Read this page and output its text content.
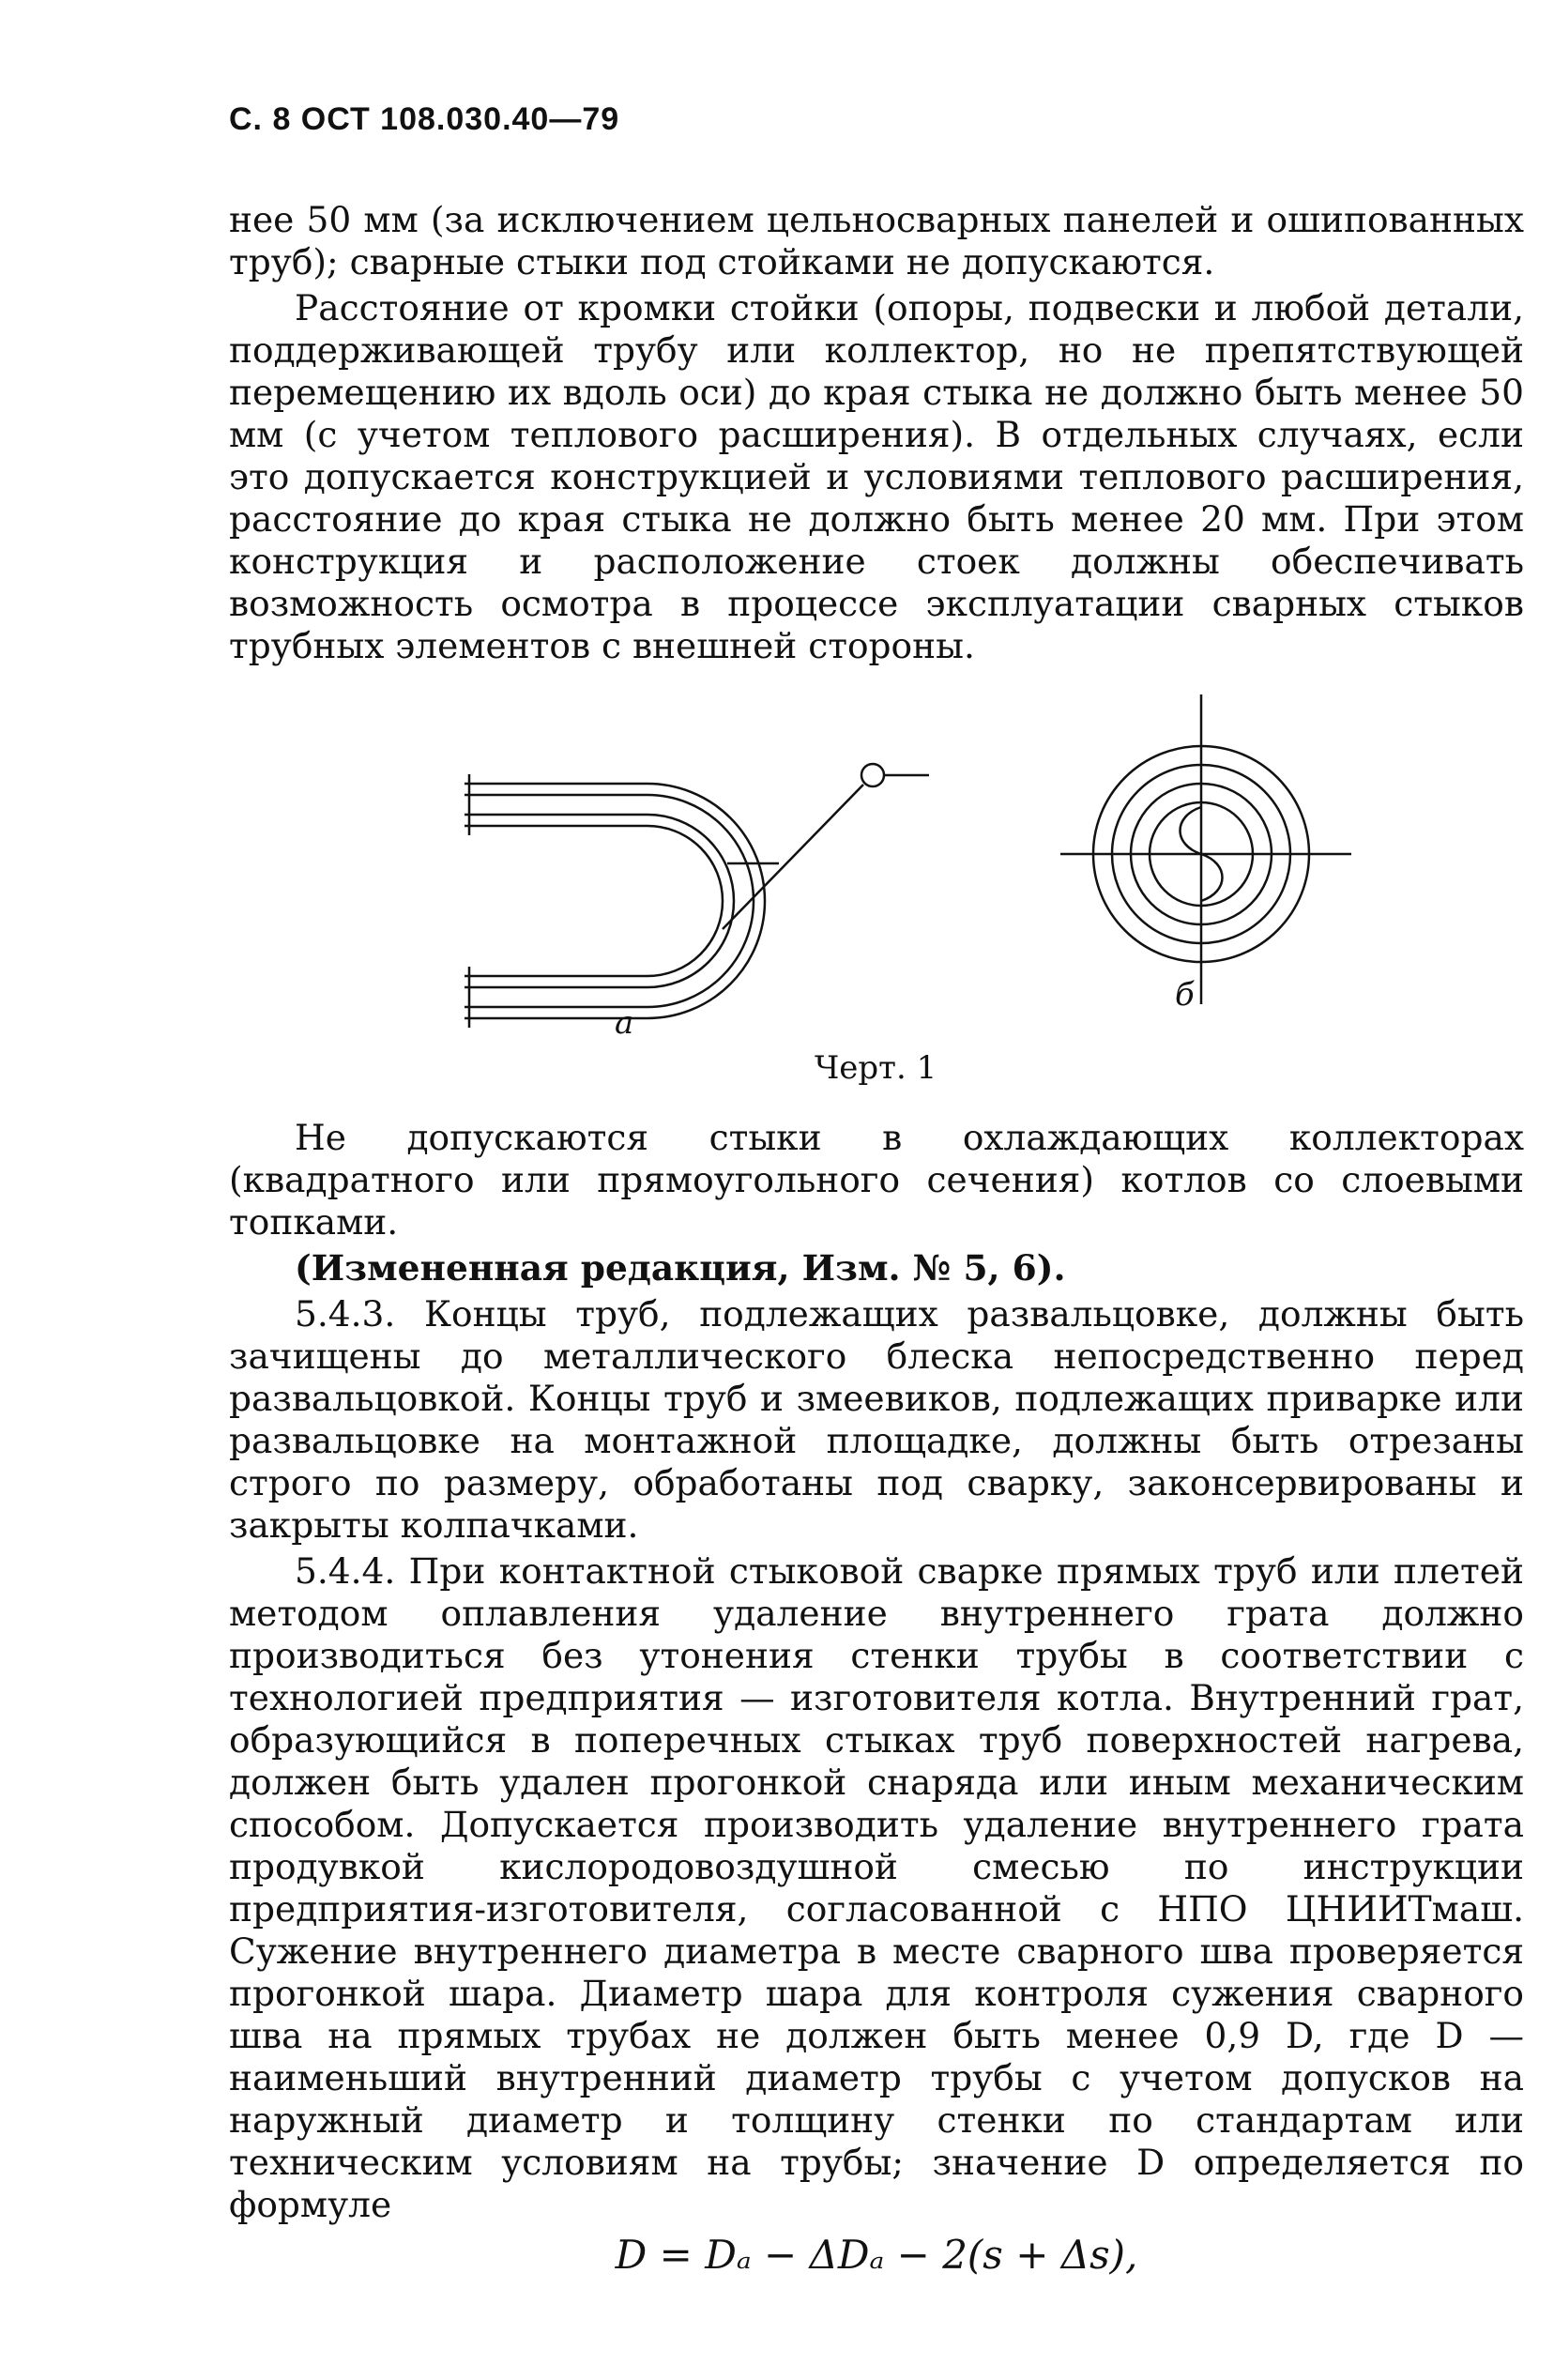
С. 8 ОСТ 108.030.40—79

нее 50 мм (за исключением цельносварных панелей и ошипованных труб); сварные стыки под стойками не допускаются.

Расстояние от кромки стойки (опоры, подвески и любой детали, поддерживающей трубу или коллектор, но не препятствующей перемещению их вдоль оси) до края стыка не должно быть менее 50 мм (с учетом теплового расширения). В отдельных случаях, если это допускается конструкцией и условиями теплового расширения, расстояние до края стыка не должно быть менее 20 мм. При этом конструкция и расположение стоек должны обеспечивать возможность осмотра в процессе эксплуатации сварных стыков трубных элементов с внешней стороны.

а
б
Черт. 1

Не допускаются стыки в охлаждающих коллекторах (квадратного или прямоугольного сечения) котлов со слоевыми топками.

(Измененная редакция, Изм. № 5, 6).

5.4.3. Концы труб, подлежащих развальцовке, должны быть зачищены до металлического блеска непосредственно перед развальцовкой. Концы труб и змеевиков, подлежащих приварке или развальцовке на монтажной площадке, должны быть отрезаны строго по размеру, обработаны под сварку, законсервированы и закрыты колпачками.

5.4.4. При контактной стыковой сварке прямых труб или плетей методом оплавления удаление внутреннего грата должно производиться без утонения стенки трубы в соответствии с технологией предприятия — изготовителя котла. Внутренний грат, образующийся в поперечных стыках труб поверхностей нагрева, должен быть удален прогонкой снаряда или иным механическим способом. Допускается производить удаление внутреннего грата продувкой кислородовоздушной смесью по инструкции предприятия-изготовителя, согласованной с НПО ЦНИИТмаш. Сужение внутреннего диаметра в месте сварного шва проверяется прогонкой шара. Диаметр шара для контроля сужения сварного шва на прямых трубах не должен быть менее 0,9 D, где D — наименьший внутренний диаметр трубы с учетом допусков на наружный диаметр и толщину стенки по стандартам или техническим условиям на трубы; значение D определяется по формуле

D = Dₐ − ΔDₐ − 2(s + Δs),
